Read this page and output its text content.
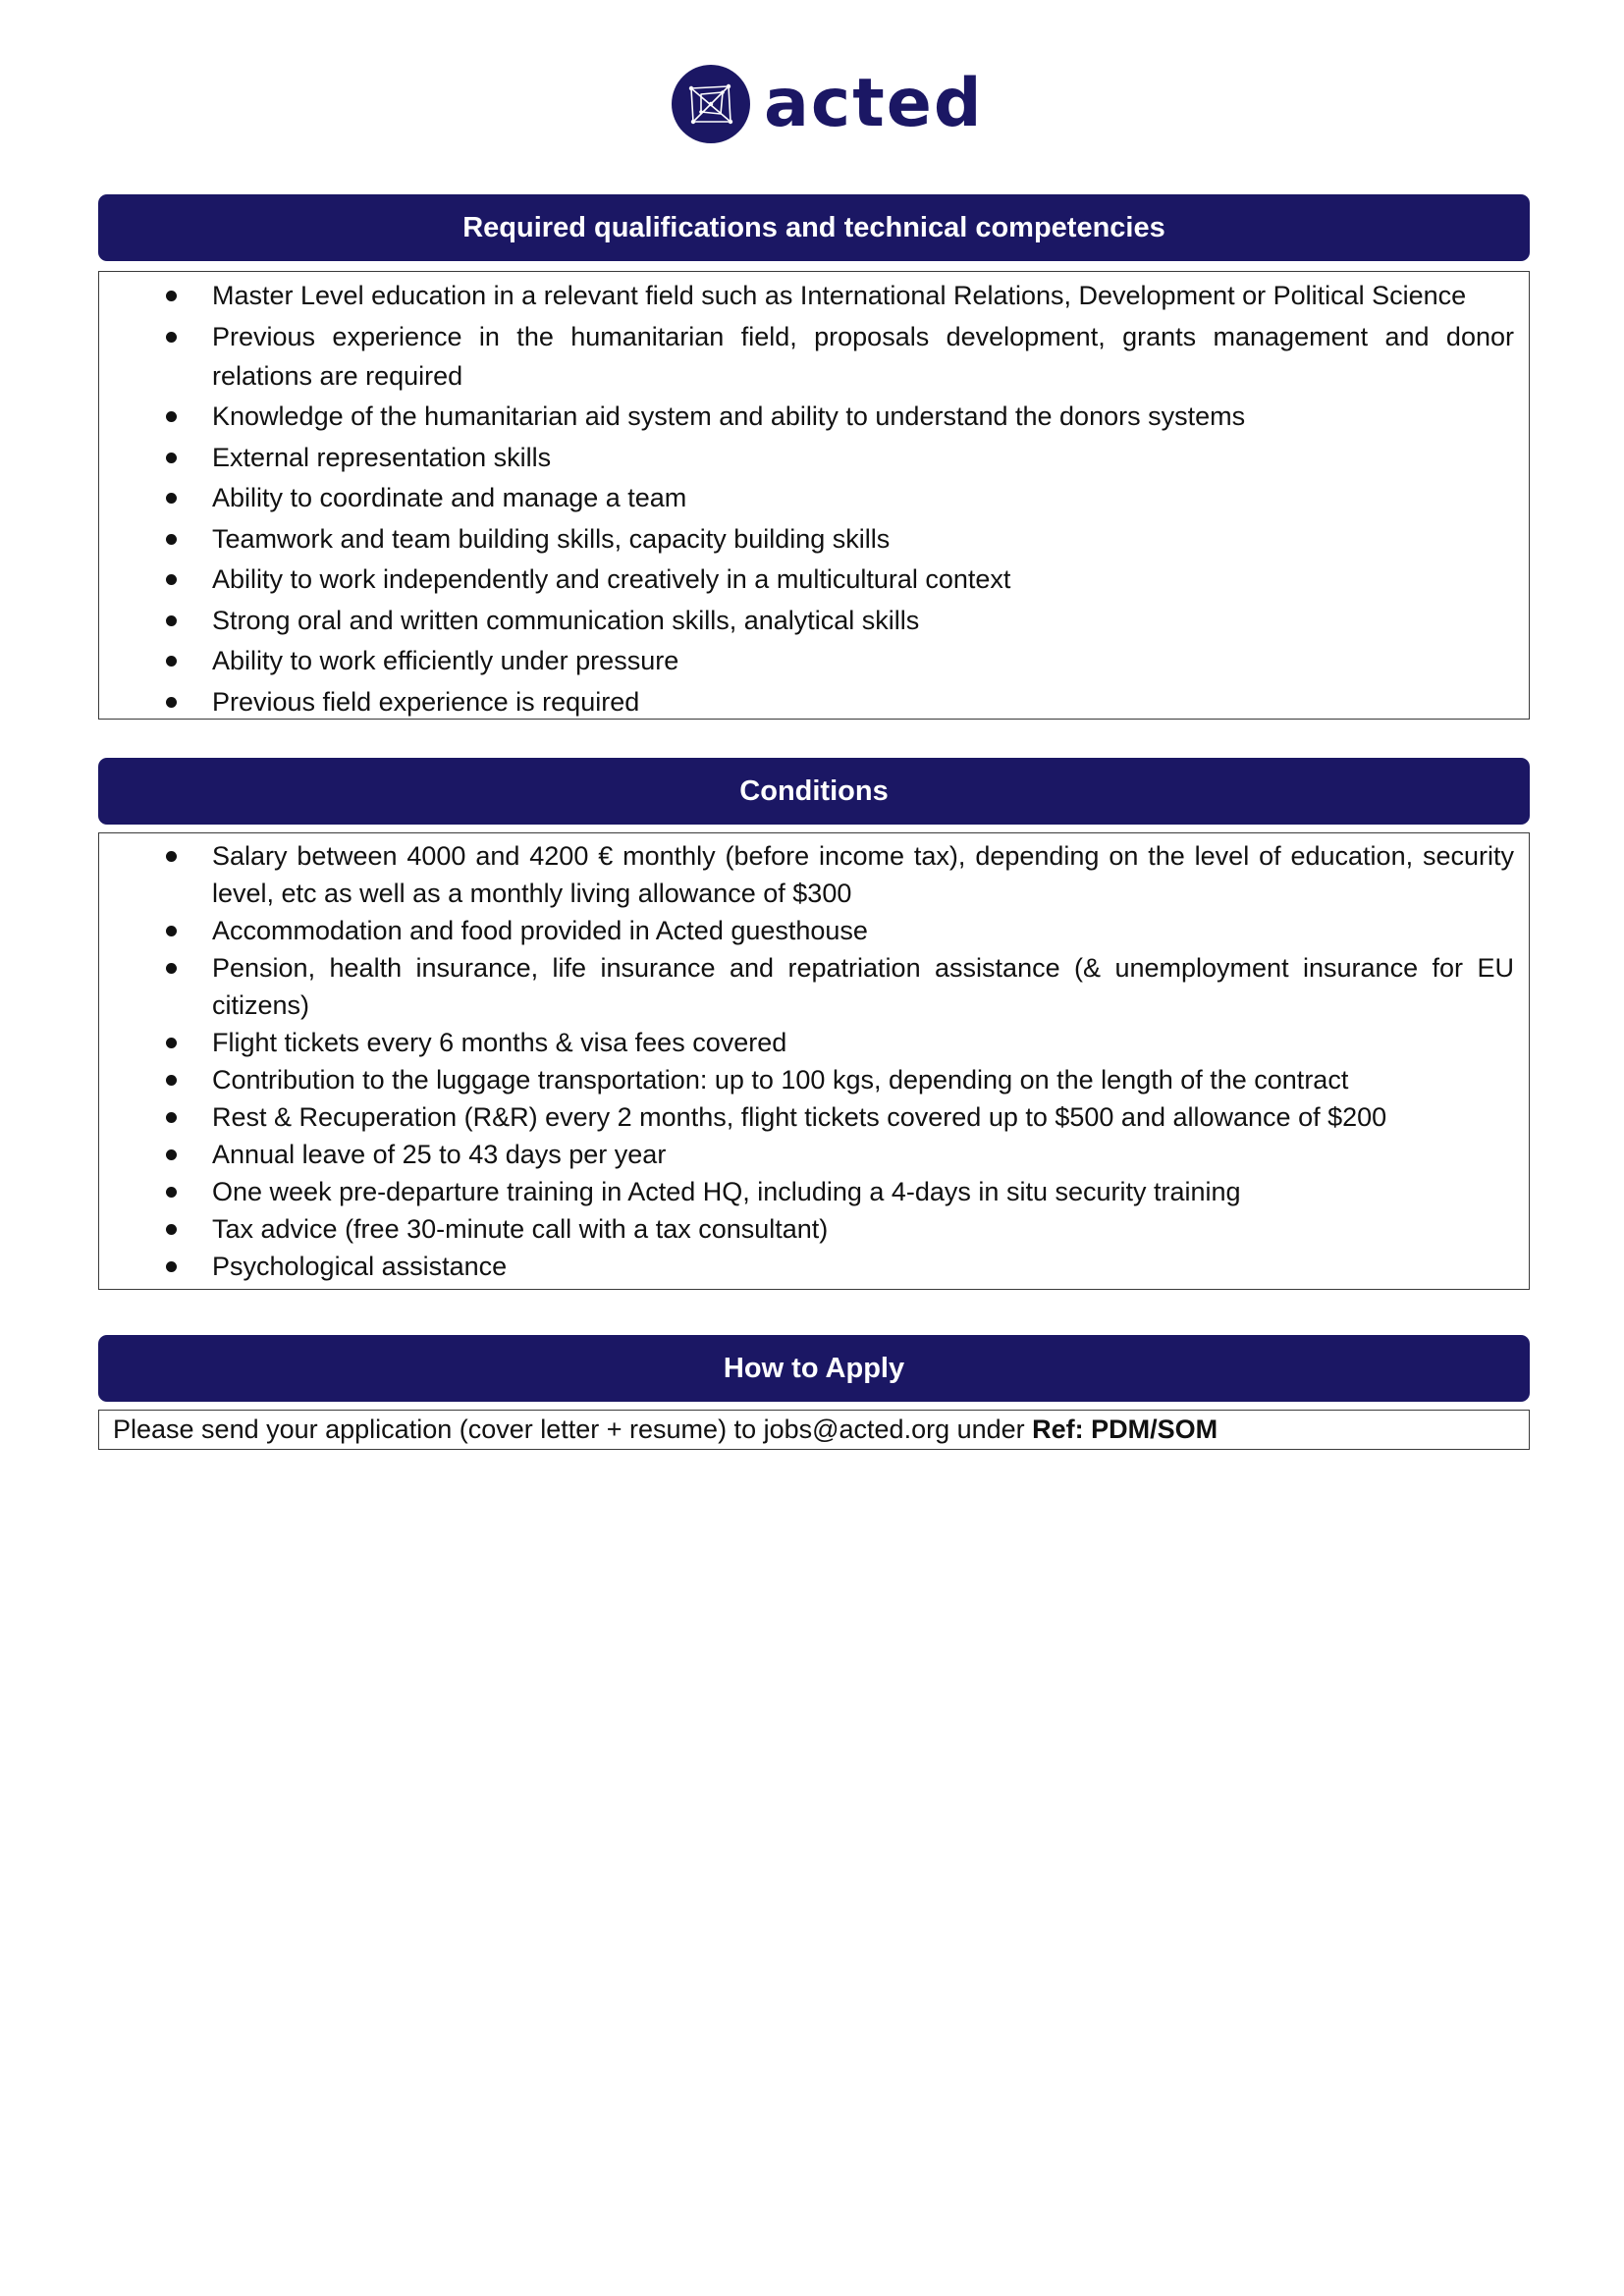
acted
Required qualifications and technical competencies
Master Level education in a relevant field such as International Relations, Development or Political Science
Previous experience in the humanitarian field, proposals development, grants management and donor relations are required
Knowledge of the humanitarian aid system and ability to understand the donors systems
External representation skills
Ability to coordinate and manage a team
Teamwork and team building skills, capacity building skills
Ability to work independently and creatively in a multicultural context
Strong oral and written communication skills, analytical skills
Ability to work efficiently under pressure
Previous field experience is required
Conditions
Salary between 4000 and 4200 € monthly (before income tax), depending on the level of education, security level, etc as well as a monthly living allowance of $300
Accommodation and food provided in Acted guesthouse
Pension, health insurance, life insurance and repatriation assistance (& unemployment insurance for EU citizens)
Flight tickets every 6 months & visa fees covered
Contribution to the luggage transportation: up to 100 kgs, depending on the length of the contract
Rest & Recuperation (R&R) every 2 months, flight tickets covered up to $500 and allowance of $200
Annual leave of 25 to 43 days per year
One week pre-departure training in Acted HQ, including a 4-days in situ security training
Tax advice (free 30-minute call with a tax consultant)
Psychological assistance
How to Apply
Please send your application (cover letter + resume) to jobs@acted.org under Ref: PDM/SOM
